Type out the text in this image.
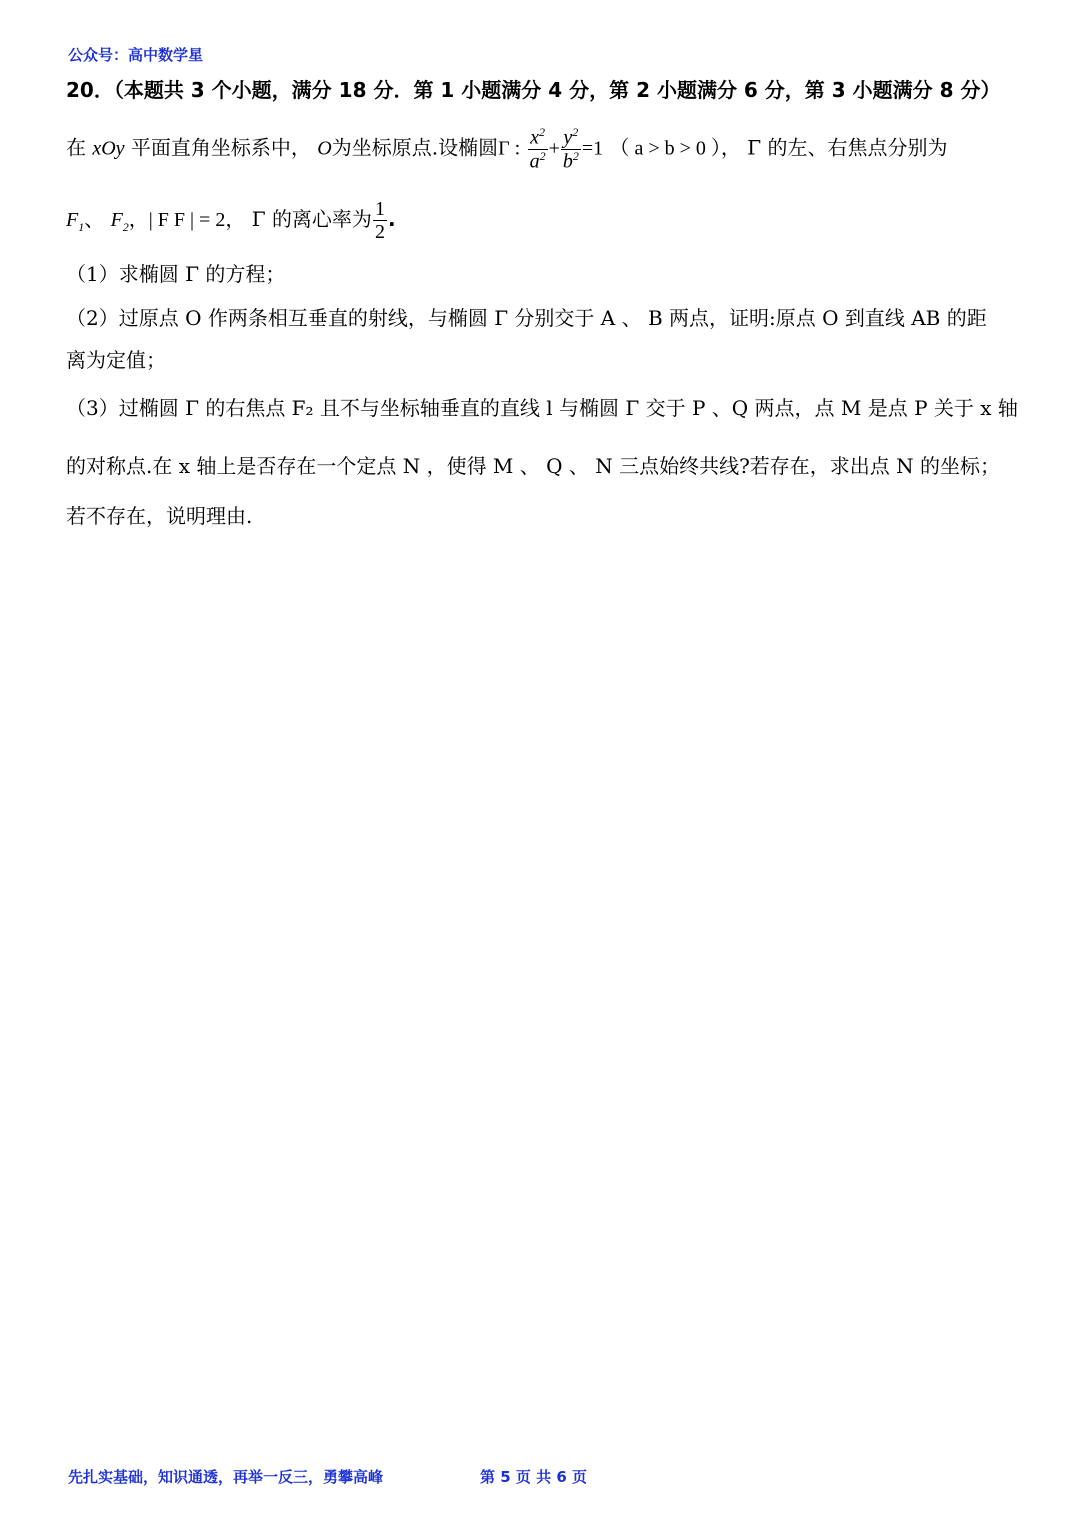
公众号：高中数学星
20．（本题共 3 个小题，满分 18 分．第 1 小题满分 4 分，第 2 小题满分 6 分，第 3 小题满分 8 分）
在 xOy 平面直角坐标系中， O为坐标原点.设椭圆Γ : $\frac{x^2}{a^2} + \frac{y^2}{b^2} =1$ （ a > b > 0 ）， Γ 的左、右焦点分别为
$F_1$、 $F_2$，| F F | = 2， Γ 的离心率为 $\frac{1}{2}$ .
（1）求椭圆 Γ 的方程；
（2）过原点 O 作两条相互垂直的射线，与椭圆 Γ 分别交于 A 、 B 两点，证明:原点 O 到直线 AB 的距
离为定值；
（3）过椭圆 Γ 的右焦点 F₂ 且不与坐标轴垂直的直线 l 与椭圆 Γ 交于 P 、Q 两点，点 M 是点 P 关于 x 轴
的对称点.在 x 轴上是否存在一个定点 N ，使得 M 、 Q 、 N 三点始终共线?若存在，求出点 N 的坐标；
若不存在，说明理由.
先扎实基础，知识通透，再举一反三，勇攀高峰	第 5 页 共 6 页
